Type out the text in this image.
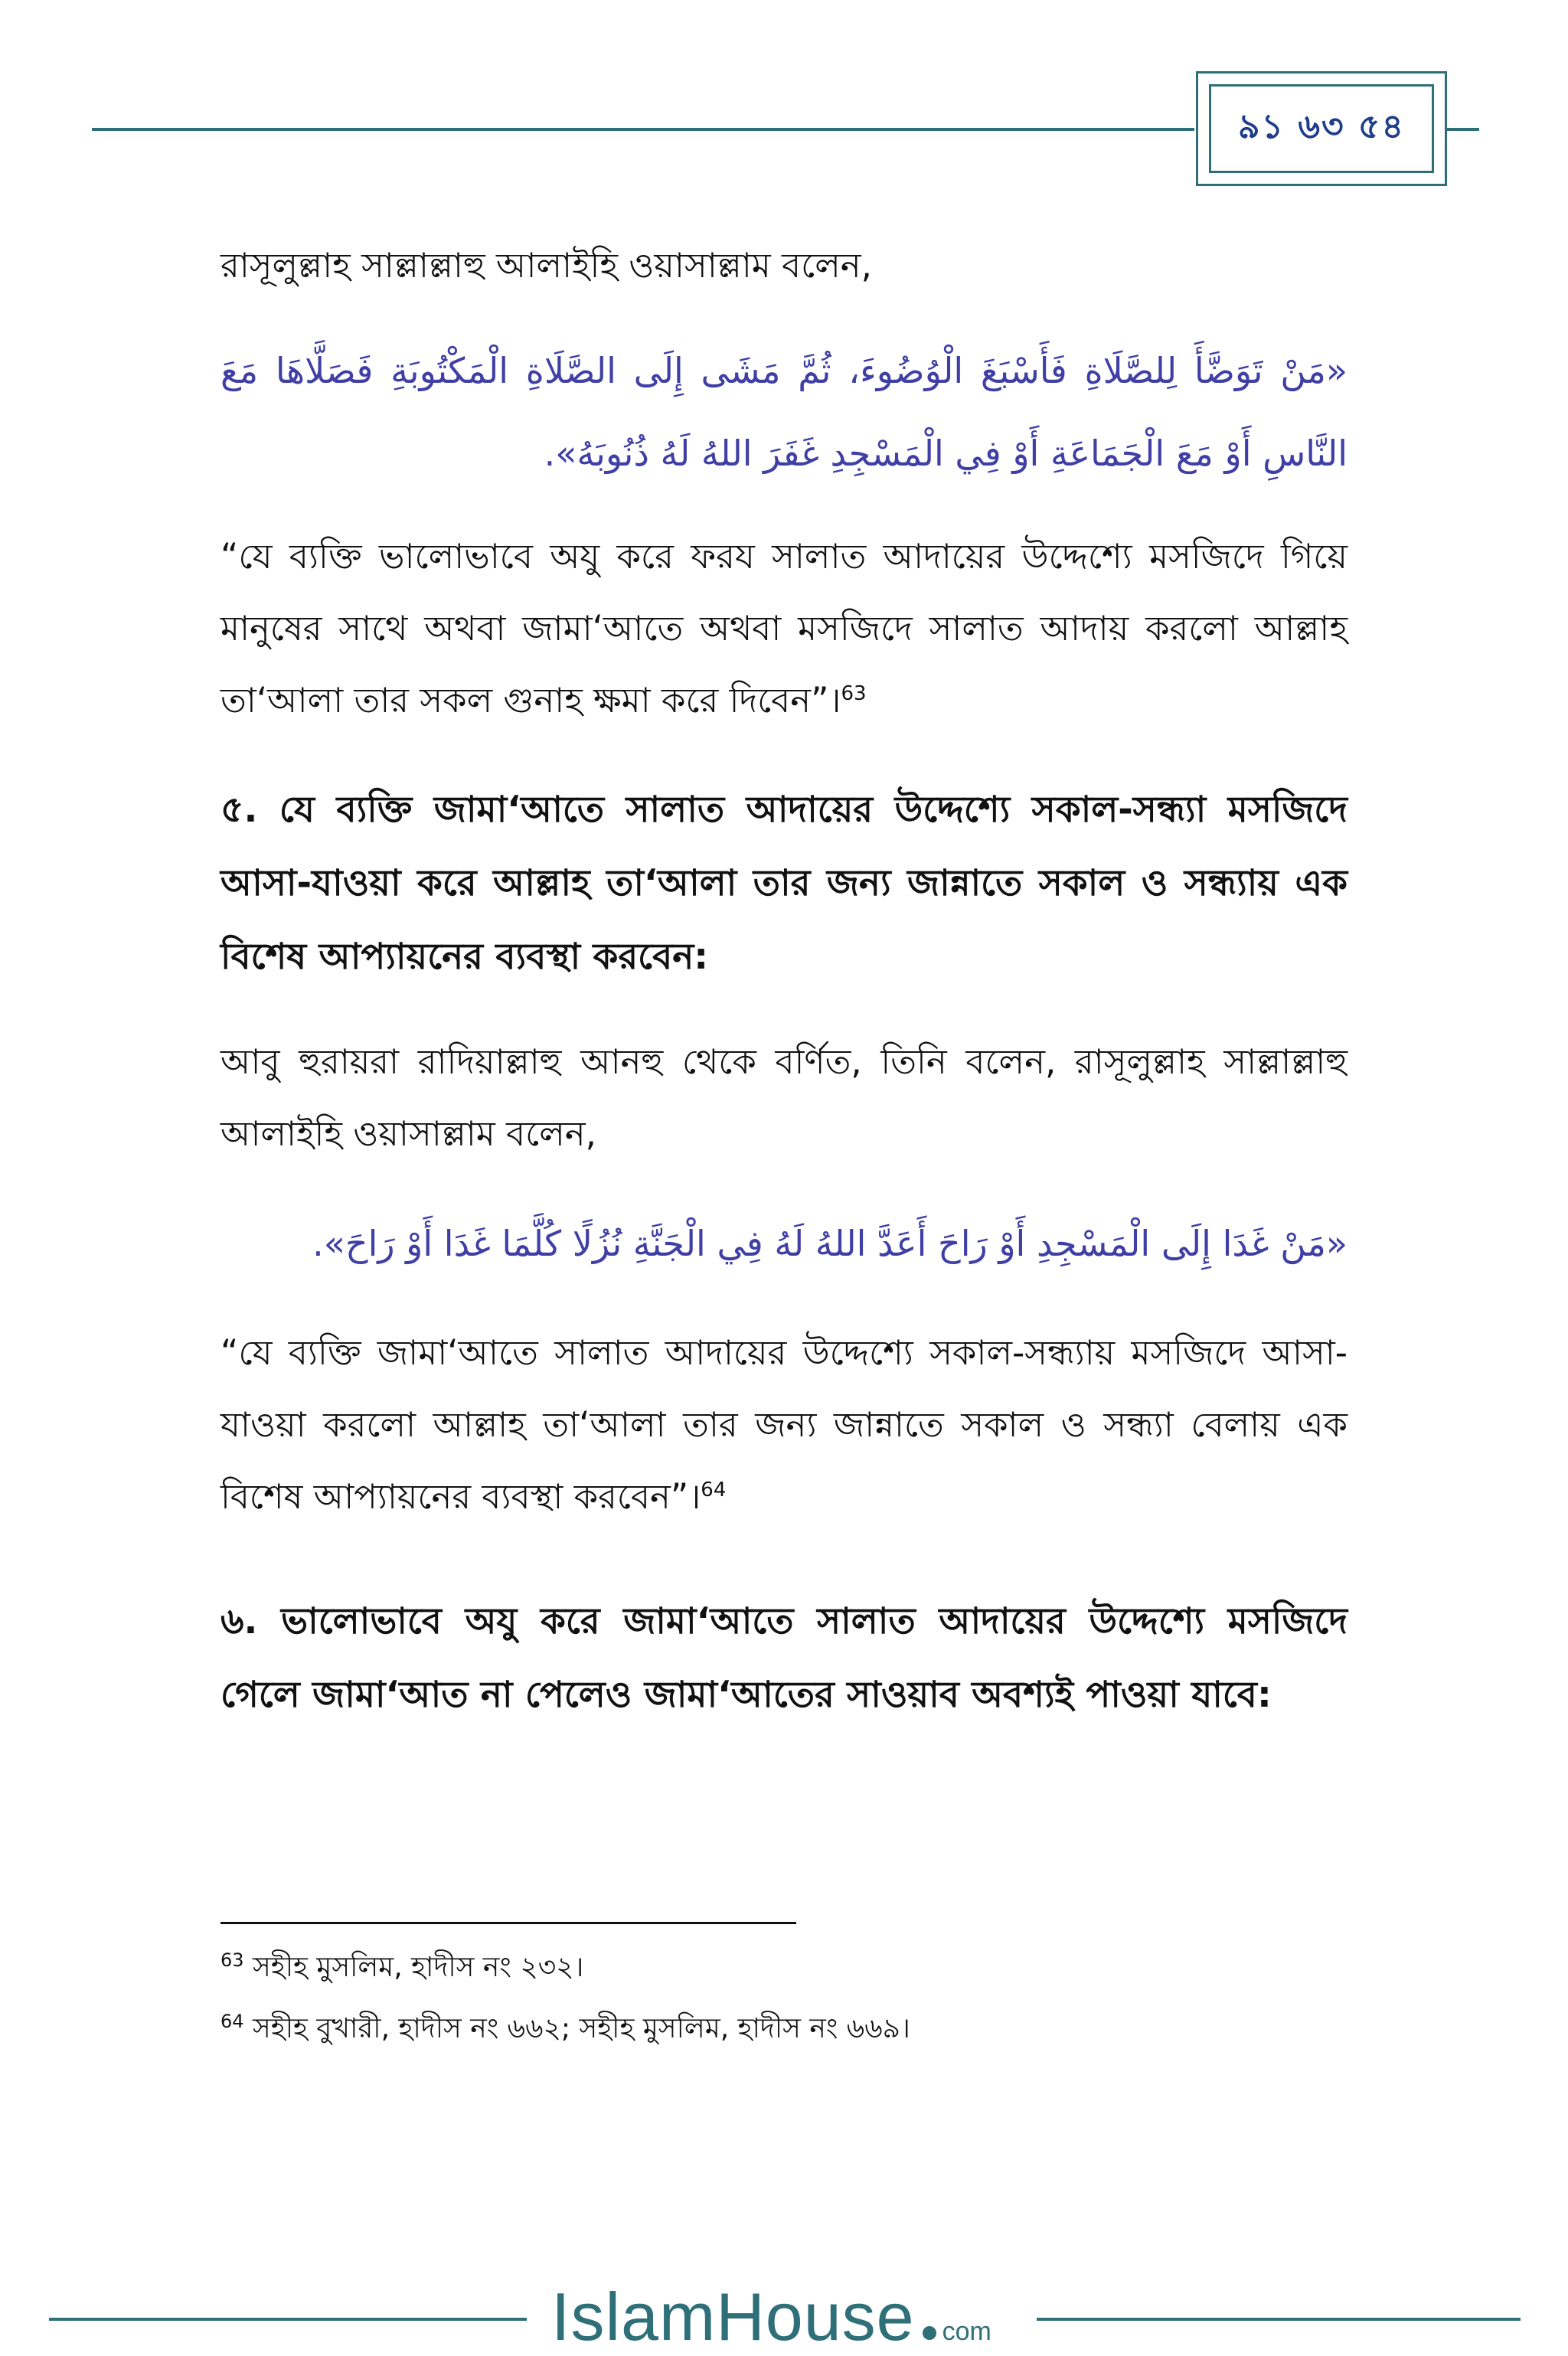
৯১ ৬৩ ৫৪

রাসূলুল্লাহ সাল্লাল্লাহু আলাইহি ওয়াসাল্লাম বলেন,

«مَنْ تَوَضَّأَ لِلصَّلَاةِ فَأَسْبَغَ الْوُضُوءَ، ثُمَّ مَشَى إِلَى الصَّلَاةِ الْمَكْتُوبَةِ فَصَلَّاهَا مَعَ النَّاسِ أَوْ مَعَ الْجَمَاعَةِ أَوْ فِي الْمَسْجِدِ غَفَرَ اللهُ لَهُ ذُنُوبَهُ».

“যে ব্যক্তি ভালোভাবে অযু করে ফরয সালাত আদায়ের উদ্দেশ্যে মসজিদে গিয়ে মানুষের সাথে অথবা জামা‘আতে অথবা মসজিদে সালাত আদায় করলো আল্লাহ তা‘আলা তার সকল গুনাহ ক্ষমা করে দিবেন”।$^{63}$

৫. যে ব্যক্তি জামা‘আতে সালাত আদায়ের উদ্দেশ্যে সকাল-সন্ধ্যা মসজিদে আসা-যাওয়া করে আল্লাহ তা‘আলা তার জন্য জান্নাতে সকাল ও সন্ধ্যায় এক বিশেষ আপ্যায়নের ব্যবস্থা করবেন:

আবু হুরায়রা রাদিয়াল্লাহু আনহু থেকে বর্ণিত, তিনি বলেন, রাসূলুল্লাহ সাল্লাল্লাহু আলাইহি ওয়াসাল্লাম বলেন,

«مَنْ غَدَا إِلَى الْمَسْجِدِ أَوْ رَاحَ أَعَدَّ اللهُ لَهُ فِي الْجَنَّةِ نُزُلًا كُلَّمَا غَدَا أَوْ رَاحَ».

“যে ব্যক্তি জামা‘আতে সালাত আদায়ের উদ্দেশ্যে সকাল-সন্ধ্যায় মসজিদে আসা-যাওয়া করলো আল্লাহ তা‘আলা তার জন্য জান্নাতে সকাল ও সন্ধ্যা বেলায় এক বিশেষ আপ্যায়নের ব্যবস্থা করবেন”।$^{64}$

৬. ভালোভাবে অযু করে জামা‘আতে সালাত আদায়ের উদ্দেশ্যে মসজিদে গেলে জামা‘আত না পেলেও জামা‘আতের সাওয়াব অবশ্যই পাওয়া যাবে:

$^{63}$ সহীহ মুসলিম, হাদীস নং ২৩২।
$^{64}$ সহীহ বুখারী, হাদীস নং ৬৬২; সহীহ মুসলিম, হাদীস নং ৬৬৯।
IslamHouse com
